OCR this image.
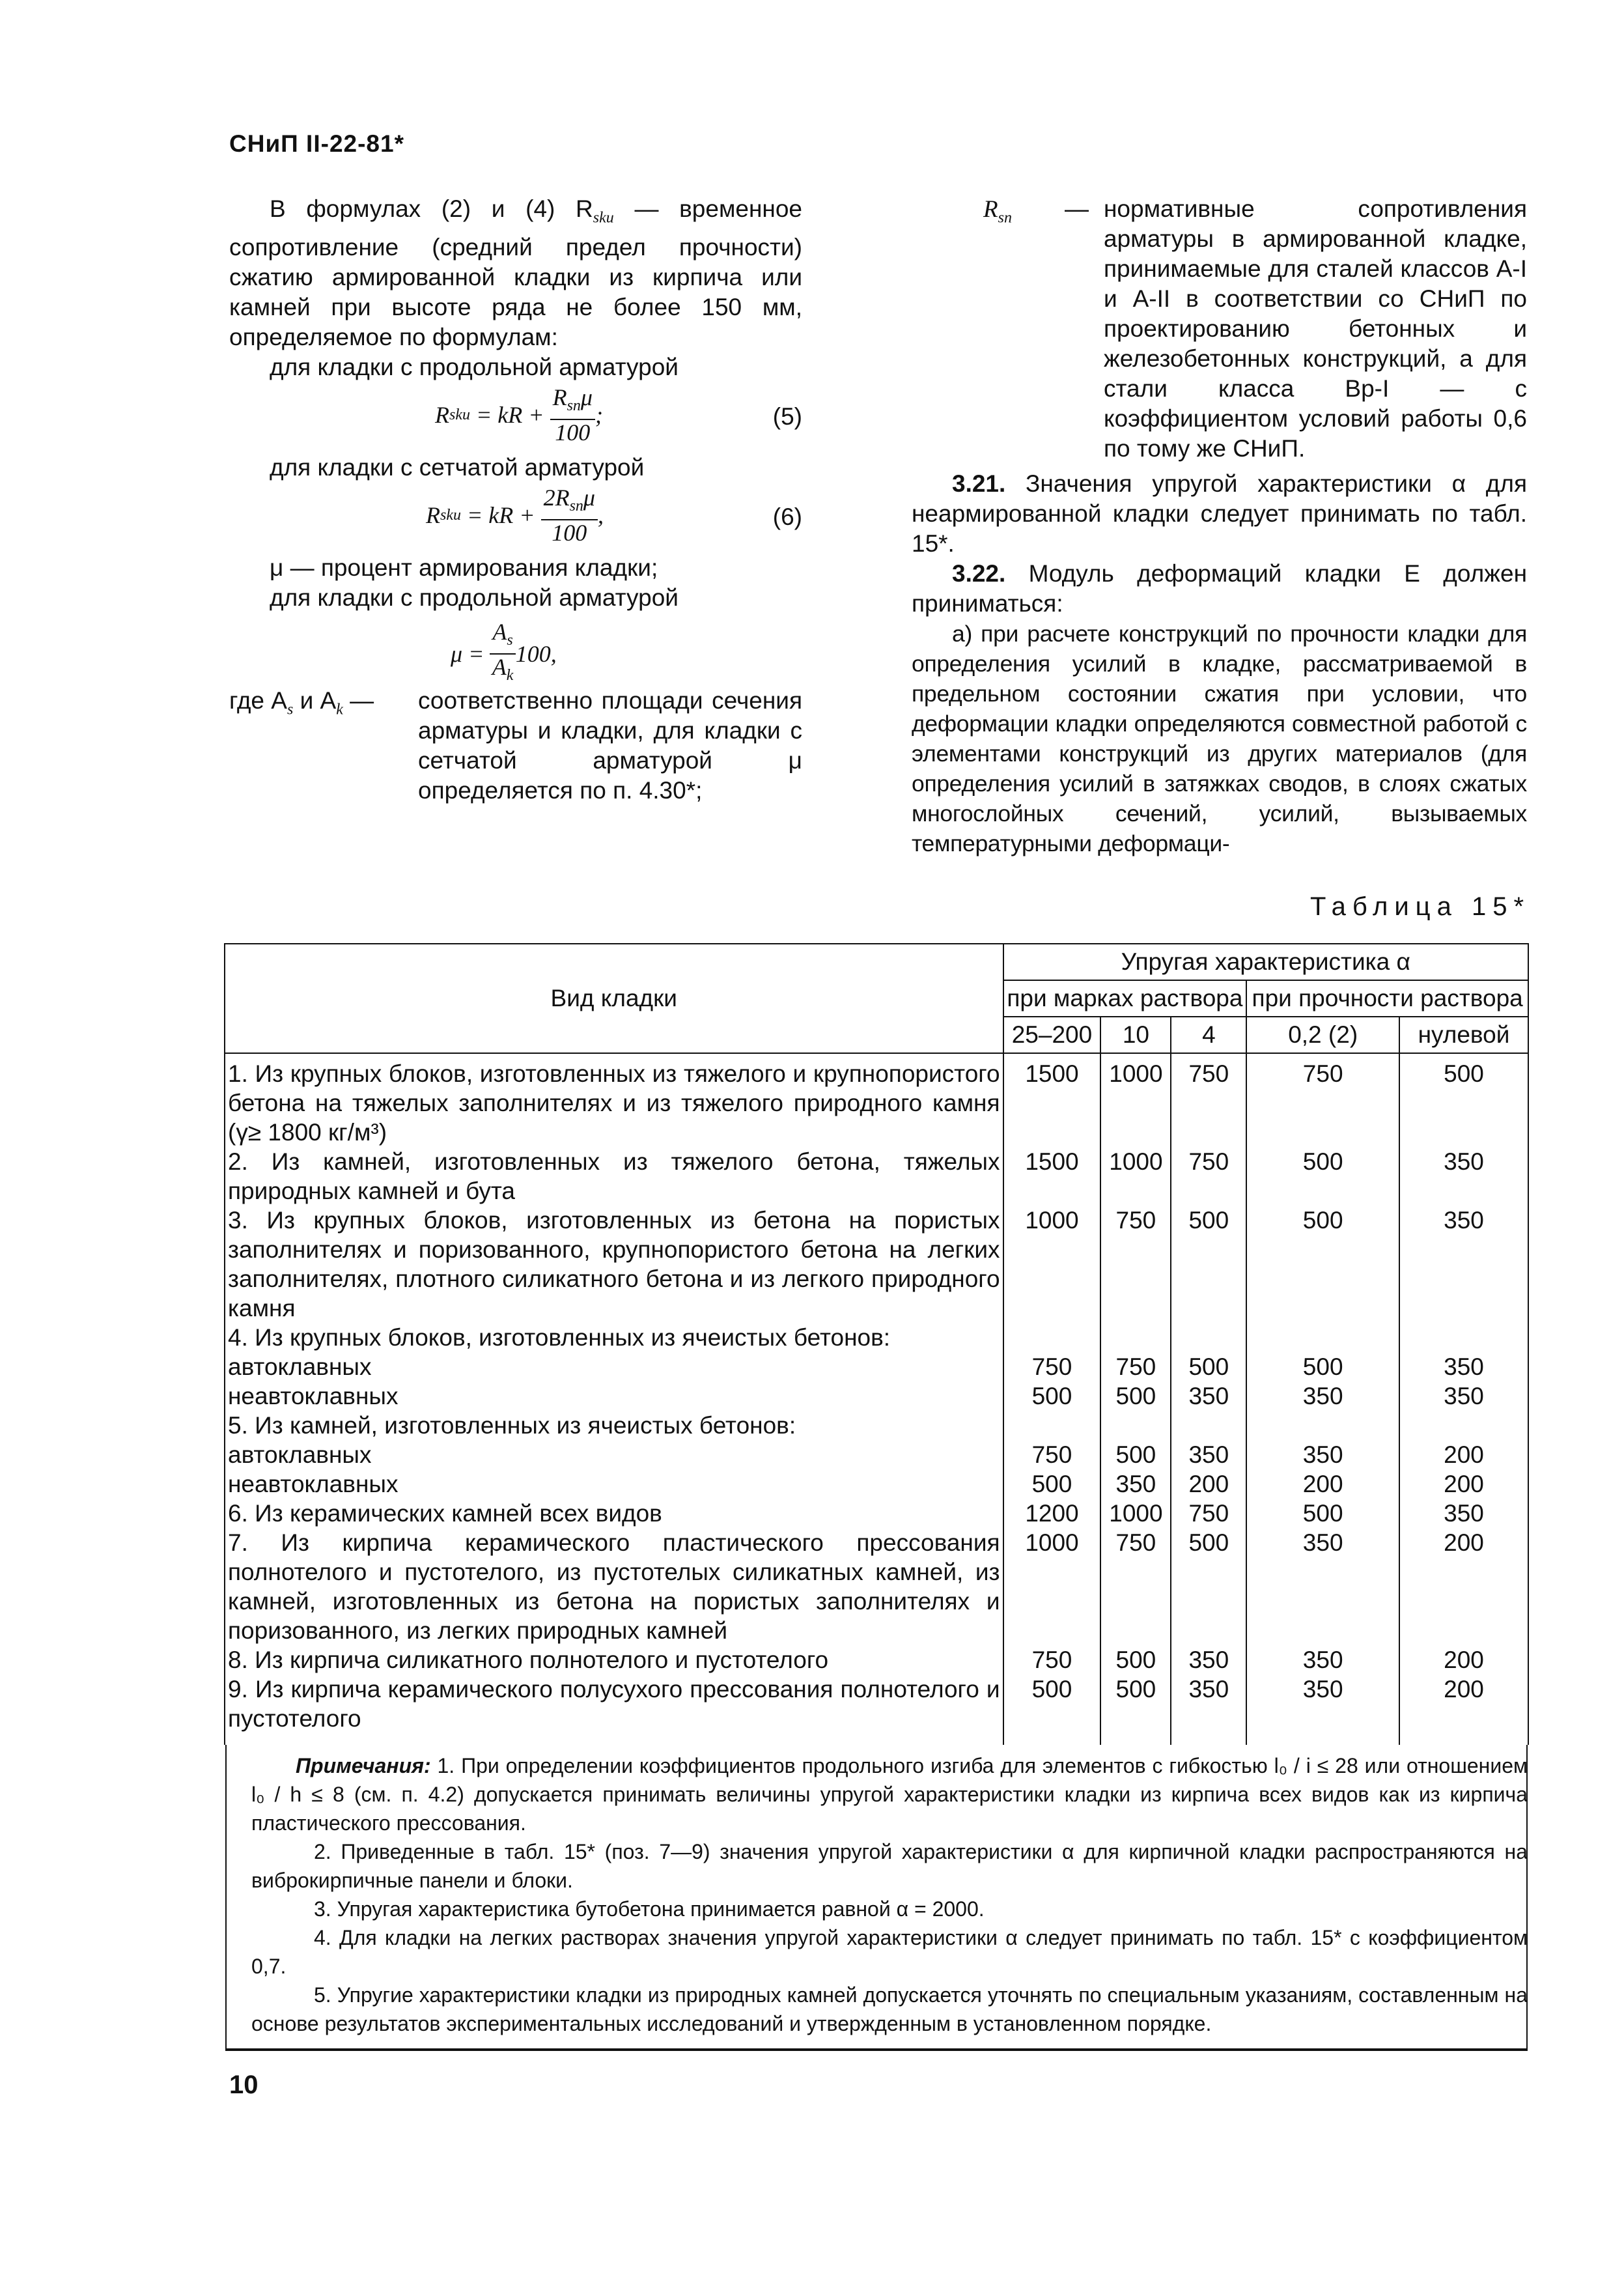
СНиП II-22-81*

В формулах (2) и (4) $R_{sku}$ — временное сопротивление (средний предел прочности) сжатию армированной кладки из кирпича или камней при высоте ряда не более 150 мм, определяемое по формулам:

для кладки с продольной арматурой

R sku = kR + $\frac{R_{sn}\mu}{100}$ ;	(5)

для кладки с сетчатой арматурой

R sku = kR + $\frac{2R_{sn}\mu}{100}$ ,	(6)

μ — процент армирования кладки;

для кладки с продольной арматурой

$\mu = \frac{A_s}{A_k} 100$,
где $A_s$ и $A_k$ —	соответственно площади сечения арматуры и кладки, для кладки с сетчатой арматурой μ определяется по п. 4.30*;
$R_{sn}$	— нормативные сопротивления арматуры в армированной кладке, принимаемые для сталей классов А-I и А-II в соответствии со СНиП по проектированию бетонных и железобетонных конструкций, а для стали класса Вр-I — с коэффициентом условий работы 0,6 по тому же СНиП.

3.21. Значения упругой характеристики α для неармированной кладки следует принимать по табл. 15*.

3.22. Модуль деформаций кладки E должен приниматься:

а) при расчете конструкций по прочности кладки для определения усилий в кладке, рассматриваемой в предельном состоянии сжатия при условии, что деформации кладки определяются совместной работой с элементами конструкций из других материалов (для определения усилий в затяжках сводов, в слоях сжатых многослойных сечений, усилий, вызываемых температурными деформаци-

Таблица 15*
Вид кладки	Упругая характеристика α				
	при марках раствора			при прочности раствора	
	25–200	10	4	0,2 (2)	нулевой
1. Из крупных блоков, изготовленных из тяжелого и крупнопористого бетона на тяжелых заполнителях и из тяжелого природного камня (γ≥ 1800 кг/м³)	1500	1000	750	750	500
2. Из камней, изготовленных из тяжелого бетона, тяжелых природных камней и бута	1500	1000	750	500	350
3. Из крупных блоков, изготовленных из бетона на пористых заполнителях и поризованного, крупнопористого бетона на легких заполнителях, плотного силикатного бетона и из легкого природного камня	1000	750	500	500	350
4. Из крупных блоков, изготовленных из ячеистых бетонов:					
автоклавных	750	750	500	500	350
неавтоклавных	500	500	350	350	350
5. Из камней, изготовленных из ячеистых бетонов:					
автоклавных	750	500	350	350	200
неавтоклавных	500	350	200	200	200
6. Из керамических камней всех видов	1200	1000	750	500	350
7. Из кирпича керамического пластического прессования полнотелого и пустотелого, из пустотелых силикатных камней, из камней, изготовленных из бетона на пористых заполнителях и поризованного, из легких природных камней	1000	750	500	350	200
8. Из кирпича силикатного полнотелого и пустотелого	750	500	350	350	200
9. Из кирпича керамического полусухого прессования полнотелого и пустотелого	500	500	350	350	200

Примечания: 1. При определении коэффициентов продольного изгиба для элементов с гибкостью l₀ / i ≤ 28 или отношением l₀ / h ≤ 8 (см. п. 4.2) допускается принимать величины упругой характеристики кладки из кирпича всех видов как из кирпича пластического прессования.

2. Приведенные в табл. 15* (поз. 7—9) значения упругой характеристики α для кирпичной кладки распространяются на виброкирпичные панели и блоки.

3. Упругая характеристика бутобетона принимается равной α = 2000.

4. Для кладки на легких растворах значения упругой характеристики α следует принимать по табл. 15* с коэффициентом 0,7.

5. Упругие характеристики кладки из природных камней допускается уточнять по специальным указаниям, составленным на основе результатов экспериментальных исследований и утвержденным в установленном порядке.

10
